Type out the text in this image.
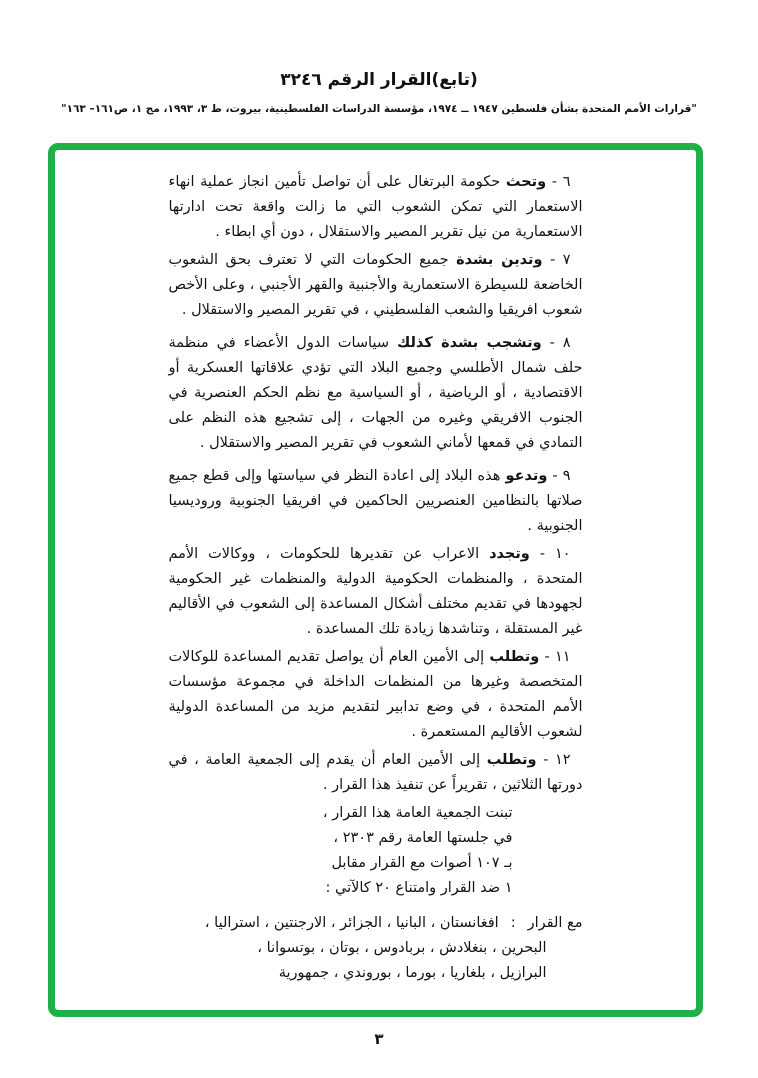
(تابع)القرار الرقم ٣٢٤٦
"قرارات الأمم المتحدة بشأن فلسطين ١٩٤٧ ــ ١٩٧٤، مؤسسة الدراسات الفلسطينية، بيروت، ط ٣، ١٩٩٣، مج ١، ص١٦١– ١٦٣"

٦ - وتحث حكومة البرتغال على أن تواصل تأمين انجاز عملية انهاء الاستعمار التي تمكن الشعوب التي ما زالت واقعة تحت ادارتها الاستعمارية من نيل تقرير المصير والاستقلال ، دون أي ابطاء .

٧ - وتدين بشدة جميع الحكومات التي لا تعترف بحق الشعوب الخاضعة للسيطرة الاستعمارية والأجنبية والقهر الأجنبي ، وعلى الأخص شعوب افريقيا والشعب الفلسطيني ، في تقرير المصير والاستقلال .

٨ - وتشجب بشدة كذلك سياسات الدول الأعضاء في منظمة حلف شمال الأطلسي وجميع البلاد التي تؤدي علاقاتها العسكرية أو الاقتصادية ، أو الرياضية ، أو السياسية مع نظم الحكم العنصرية في الجنوب الافريقي وغيره من الجهات ، إلى تشجيع هذه النظم على التمادي في قمعها لأماني الشعوب في تقرير المصير والاستقلال .

٩ - وتدعو هذه البلاد إلى اعادة النظر في سياستها وإلى قطع جميع صلاتها بالنظامين العنصريين الحاكمين في افريقيا الجنوبية وروديسيا الجنوبية .

١٠ - وتجدد الاعراب عن تقديرها للحكومات ، ووكالات الأمم المتحدة ، والمنظمات الحكومية الدولية والمنظمات غير الحكومية لجهودها في تقديم مختلف أشكال المساعدة إلى الشعوب في الأقاليم غير المستقلة ، وتناشدها زيادة تلك المساعدة .

١١ - وتطلب إلى الأمين العام أن يواصل تقديم المساعدة للوكالات المتخصصة وغيرها من المنظمات الداخلة في مجموعة مؤسسات الأمم المتحدة ، في وضع تدابير لتقديم مزيد من المساعدة الدولية لشعوب الأقاليم المستعمرة .

١٢ - وتطلب إلى الأمين العام أن يقدم إلى الجمعية العامة ، في دورتها الثلاثين ، تقريراً عن تنفيذ هذا القرار .

تبنت الجمعية العامة هذا القرار ،
في جلستها العامة رقم ٢٣٠٣ ،
بـ ١٠٧ أصوات مع القرار مقابل
١ ضد القرار وامتناع ٢٠ كالآتي :
مع القرار:افغانستان ، البانيا ، الجزائر ، الارجنتين ، استراليا ،
البحرين ، بنغلادش ، بربادوس ، بوتان ، بوتسوانا ،
البرازيل ، بلغاريا ، بورما ، بوروندي ، جمهورية
٣
